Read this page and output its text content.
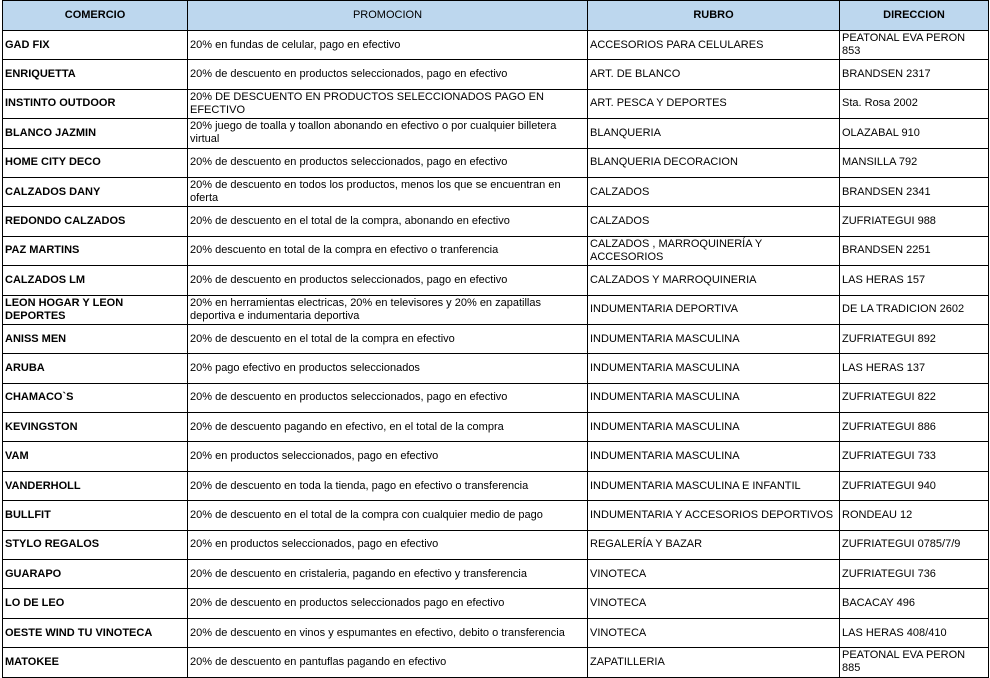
COMERCIO	PROMOCION	RUBRO	DIRECCION
GAD FIX	20% en fundas de celular, pago en efectivo	ACCESORIOS PARA CELULARES	PEATONAL EVA PERON 853
ENRIQUETTA	20% de descuento en productos seleccionados, pago en efectivo	ART. DE BLANCO	BRANDSEN 2317
INSTINTO OUTDOOR	20% DE DESCUENTO EN PRODUCTOS SELECCIONADOS PAGO EN EFECTIVO	ART. PESCA Y DEPORTES	Sta. Rosa 2002
BLANCO JAZMIN	20% juego de toalla y toallon abonando en efectivo o por cualquier billetera virtual	BLANQUERIA	OLAZABAL 910
HOME CITY DECO	20% de descuento en productos seleccionados, pago en efectivo	BLANQUERIA DECORACION	MANSILLA 792
CALZADOS DANY	20% de descuento en todos los productos, menos los que se encuentran en oferta	CALZADOS	BRANDSEN 2341
REDONDO CALZADOS	20% de descuento en el total de la compra, abonando en efectivo	CALZADOS	ZUFRIATEGUI 988
PAZ MARTINS	20% descuento en total de la compra en efectivo o tranferencia	CALZADOS , MARROQUINERÍA Y ACCESORIOS	BRANDSEN 2251
CALZADOS LM	20% de descuento en productos seleccionados, pago en efectivo	CALZADOS Y MARROQUINERIA	LAS HERAS 157
LEON HOGAR Y LEON DEPORTES	20% en herramientas electricas, 20% en televisores y 20% en zapatillas deportiva e indumentaria deportiva	INDUMENTARIA DEPORTIVA	DE LA TRADICION 2602
ANISS MEN	20% de descuento en el total de la compra en efectivo	INDUMENTARIA MASCULINA	ZUFRIATEGUI 892
ARUBA	20% pago efectivo en productos seleccionados	INDUMENTARIA MASCULINA	LAS HERAS 137
CHAMACO`S	20% de descuento en productos seleccionados, pago en efectivo	INDUMENTARIA MASCULINA	ZUFRIATEGUI 822
KEVINGSTON	20% de descuento pagando en efectivo, en el total de la compra	INDUMENTARIA MASCULINA	ZUFRIATEGUI 886
VAM	20% en productos seleccionados, pago en efectivo	INDUMENTARIA MASCULINA	ZUFRIATEGUI 733
VANDERHOLL	20% de descuento en toda la tienda, pago en efectivo o transferencia	INDUMENTARIA MASCULINA E INFANTIL	ZUFRIATEGUI 940
BULLFIT	20% de descuento en el total de la compra con cualquier medio de pago	INDUMENTARIA Y ACCESORIOS DEPORTIVOS	RONDEAU 12
STYLO REGALOS	20% en productos seleccionados, pago en efectivo	REGALERÍA Y BAZAR	ZUFRIATEGUI 0785/7/9
GUARAPO	20% de descuento en cristaleria, pagando en efectivo y transferencia	VINOTECA	ZUFRIATEGUI 736
LO DE LEO	20% de descuento en productos seleccionados pago en efectivo	VINOTECA	BACACAY 496
OESTE WIND TU VINOTECA	20% de descuento en vinos y espumantes en efectivo, debito o transferencia	VINOTECA	LAS HERAS 408/410
MATOKEE	20% de descuento en pantuflas pagando en efectivo	ZAPATILLERIA	PEATONAL EVA PERON 885
